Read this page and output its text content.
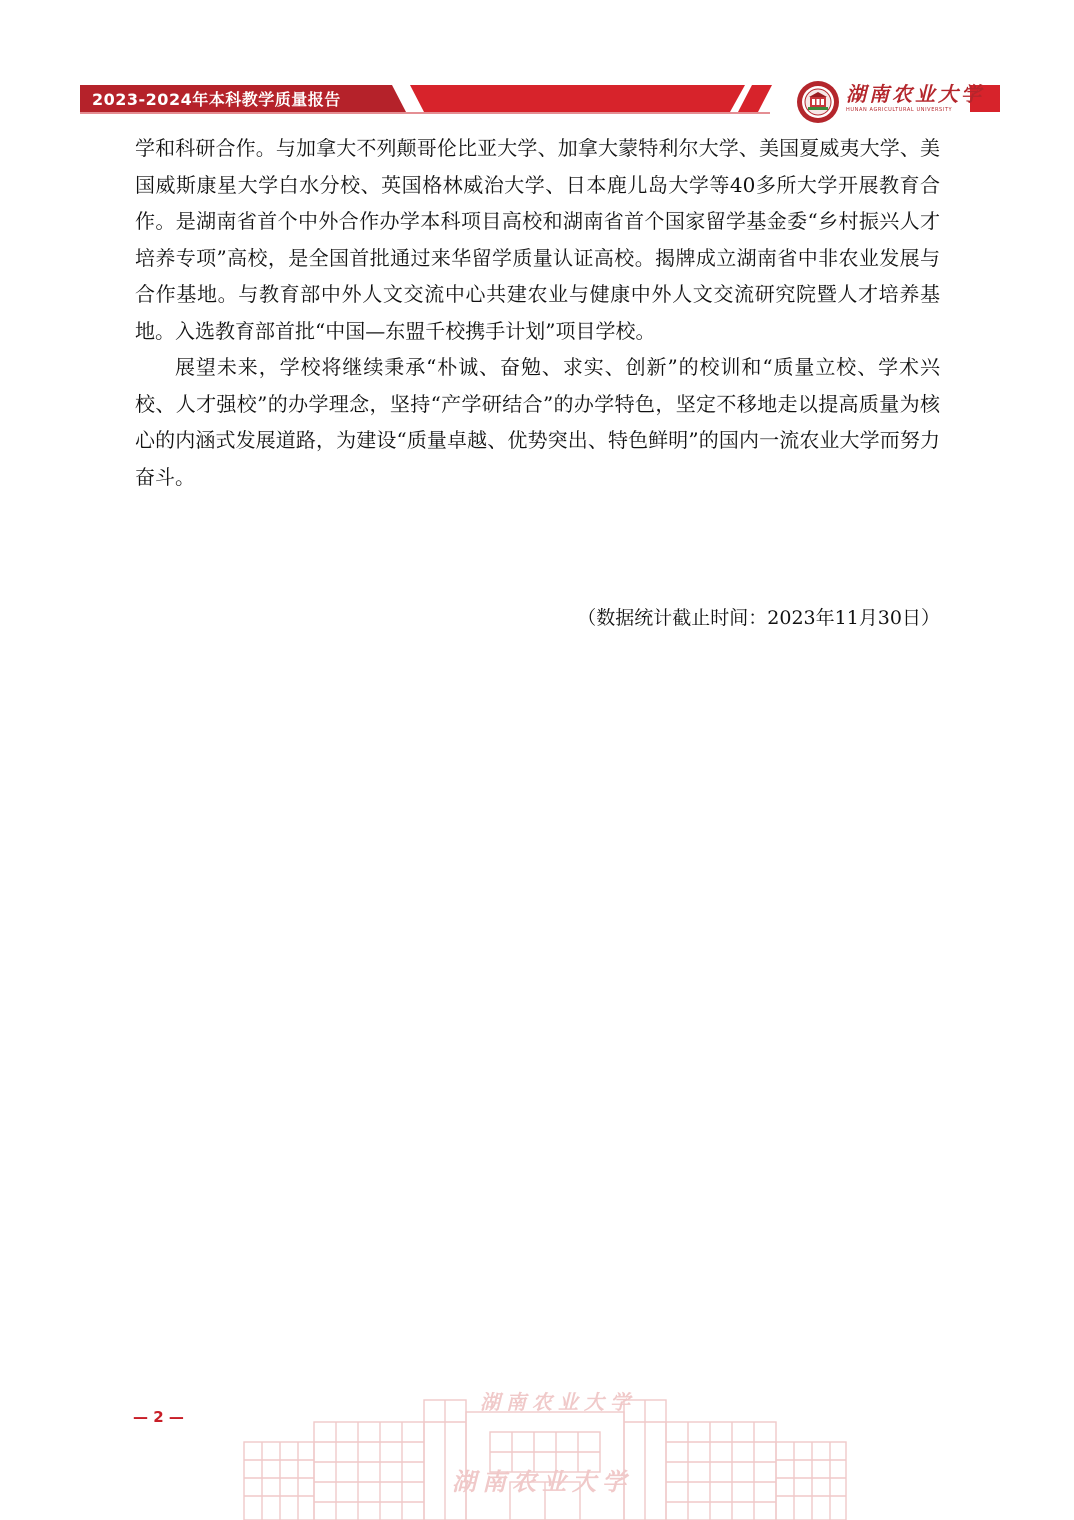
2023-2024年本科教学质量报告	湖南农业大学
HUNAN AGRICULTURAL UNIVERSITY

学和科研合作。与加拿大不列颠哥伦比亚大学、加拿大蒙特利尔大学、美国夏威夷大学、美国威斯康星大学白水分校、英国格林威治大学、日本鹿儿岛大学等40多所大学开展教育合作。是湖南省首个中外合作办学本科项目高校和湖南省首个国家留学基金委“乡村振兴人才培养专项”高校，是全国首批通过来华留学质量认证高校。揭牌成立湖南省中非农业发展与合作基地。与教育部中外人文交流中心共建农业与健康中外人文交流研究院暨人才培养基地。入选教育部首批“中国—东盟千校携手计划”项目学校。

展望未来，学校将继续秉承“朴诚、奋勉、求实、创新”的校训和“质量立校、学术兴校、人才强校”的办学理念，坚持“产学研结合”的办学特色，坚定不移地走以提高质量为核心的内涵式发展道路，为建设“质量卓越、优势突出、特色鲜明”的国内一流农业大学而努力奋斗。

（数据统计截止时间：2023年11月30日）
— 2 —
湖南农业大学
湖南农业大学
